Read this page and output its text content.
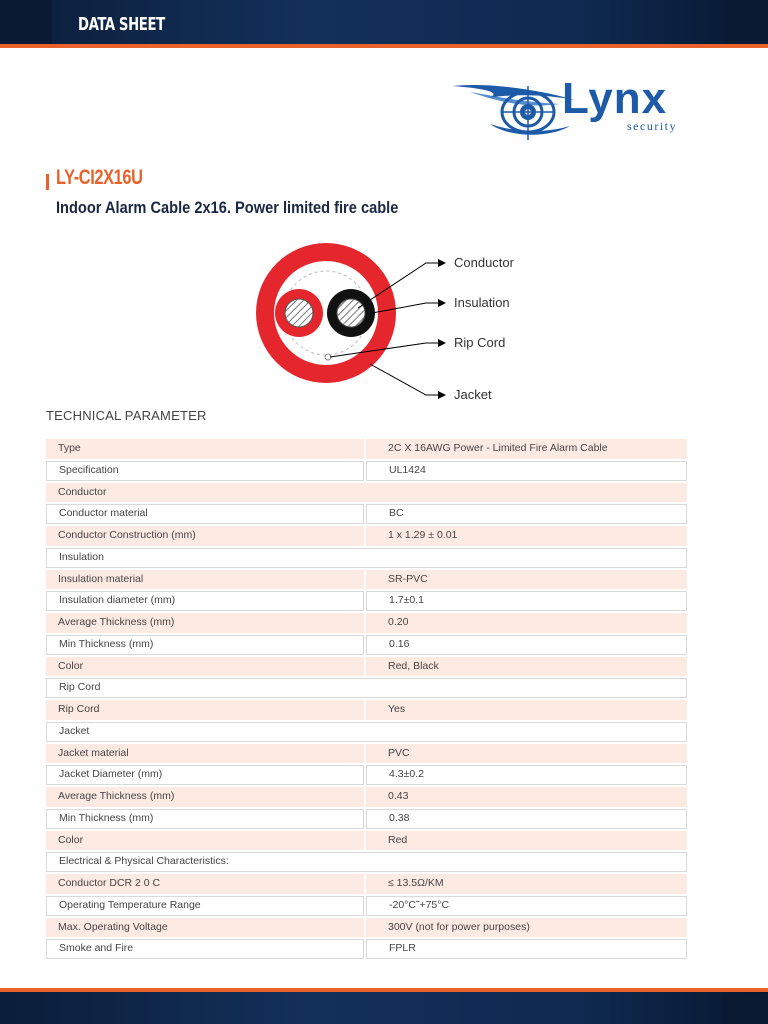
DATA SHEET
Lynx
security
LY-CI2X16U
Indoor Alarm Cable 2x16. Power limited fire cable
Conductor
Insulation
Rip Cord
Jacket
TECHNICAL PARAMETER
Type	2C X 16AWG Power - Limited Fire Alarm Cable
Specification	UL1424
Conductor
Conductor material	BC
Conductor Construction (mm)	1 x 1.29 ± 0.01
Insulation
Insulation material	SR-PVC
Insulation diameter (mm)	1.7±0.1
Average Thickness (mm)	0.20
Min Thickness (mm)	0.16
Color	Red, Black
Rip Cord
Rip Cord	Yes
Jacket
Jacket material	PVC
Jacket Diameter (mm)	4.3±0.2
Average Thickness (mm)	0.43
Min Thickness (mm)	0.38
Color	Red
Electrical & Physical Characteristics:
Conductor DCR 2 0 C	≤ 13.5Ω/KM
Operating Temperature Range	-20°C˜+75°C
Max. Operating Voltage	300V (not for power purposes)
Smoke and Fire	FPLR
